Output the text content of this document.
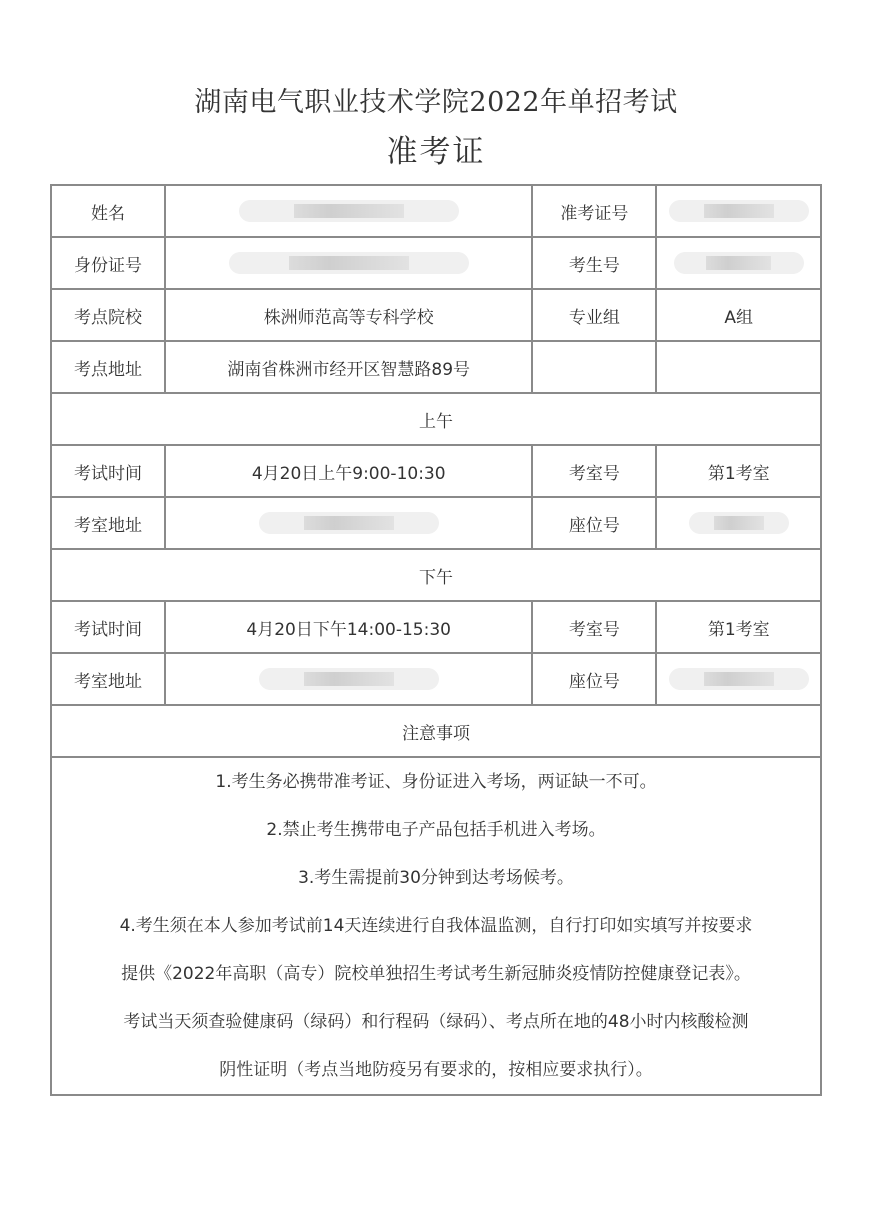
湖南电气职业技术学院2022年单招考试
准考证
姓名		准考证号	
身份证号		考生号	
考点院校	株洲师范高等专科学校	专业组	A组
考点地址	湖南省株洲市经开区智慧路89号		
上午			
考试时间	4月20日上午9:00-10:30	考室号	第1考室
考室地址		座位号	
下午			
考试时间	4月20日下午14:00-15:30	考室号	第1考室
考室地址		座位号	
注意事项			

1.考生务必携带准考证、身份证进入考场，两证缺一不可。
2.禁止考生携带电子产品包括手机进入考场。
3.考生需提前30分钟到达考场候考。
4.考生须在本人参加考试前14天连续进行自我体温监测，自行打印如实填写并按要求
提供《2022年高职（高专）院校单独招生考试考生新冠肺炎疫情防控健康登记表》。
考试当天须查验健康码（绿码）和行程码（绿码）、考点所在地的48小时内核酸检测
阴性证明（考点当地防疫另有要求的，按相应要求执行）。
